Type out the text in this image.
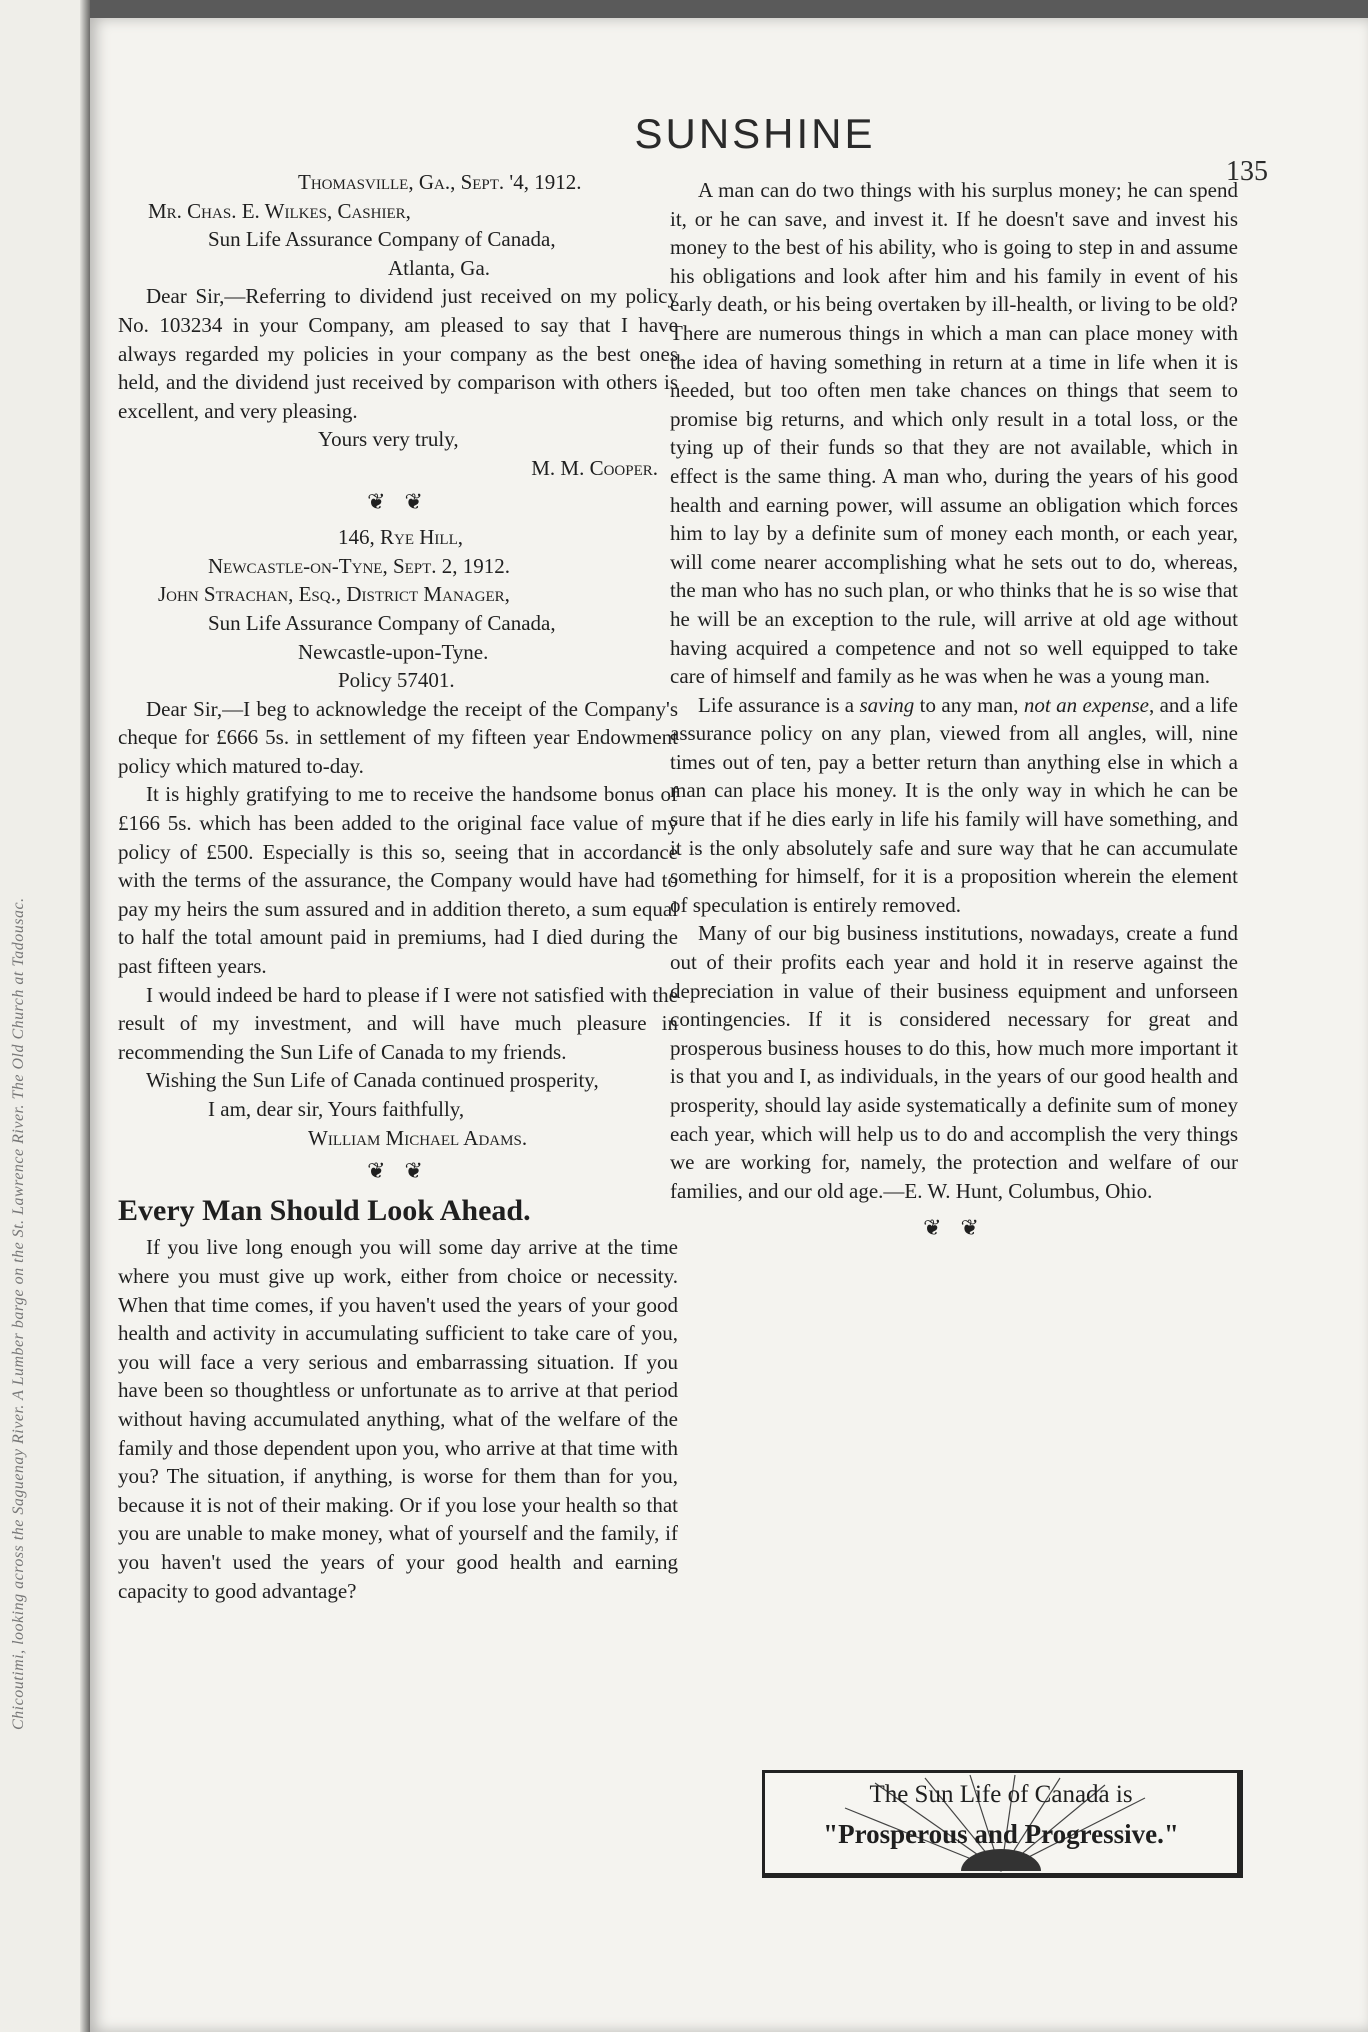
Chicoutimi, looking across the Saguenay River. A Lumber barge on the St. Lawrence River. The Old Church at Tadousac.
SUNSHINE
135
Thomasville, Ga., Sept. '4, 1912.
Mr. Chas. E. Wilkes, Cashier,
Sun Life Assurance Company of Canada,
Atlanta, Ga.

Dear Sir,—Referring to dividend just received on my policy No. 103234 in your Company, am pleased to say that I have always regarded my policies in your company as the best ones held, and the dividend just received by comparison with others is excellent, and very pleasing.

Yours very truly,
M. M. Cooper.
❦ ❦
146, Rye Hill,
Newcastle-on-Tyne, Sept. 2, 1912.
John Strachan, Esq., District Manager,
Sun Life Assurance Company of Canada,
Newcastle-upon-Tyne.
Policy 57401.

Dear Sir,—I beg to acknowledge the receipt of the Company's cheque for £666 5s. in settlement of my fifteen year Endowment policy which matured to-day.

It is highly gratifying to me to receive the handsome bonus of £166 5s. which has been added to the original face value of my policy of £500. Especially is this so, seeing that in accordance with the terms of the assurance, the Company would have had to pay my heirs the sum assured and in addition thereto, a sum equal to half the total amount paid in premiums, had I died during the past fifteen years.

I would indeed be hard to please if I were not satisfied with the result of my investment, and will have much pleasure in recommending the Sun Life of Canada to my friends.

Wishing the Sun Life of Canada continued prosperity,

I am, dear sir, Yours faithfully,
William Michael Adams.
❦ ❦
Every Man Should Look Ahead.

If you live long enough you will some day arrive at the time where you must give up work, either from choice or necessity. When that time comes, if you haven't used the years of your good health and activity in accumulating sufficient to take care of you, you will face a very serious and embarrassing situation. If you have been so thoughtless or unfortunate as to arrive at that period without having accumulated anything, what of the welfare of the family and those dependent upon you, who arrive at that time with you? The situation, if anything, is worse for them than for you, because it is not of their making. Or if you lose your health so that you are unable to make money, what of yourself and the family, if you haven't used the years of your good health and earning capacity to good advantage?

A man can do two things with his surplus money; he can spend it, or he can save, and invest it. If he doesn't save and invest his money to the best of his ability, who is going to step in and assume his obligations and look after him and his family in event of his early death, or his being overtaken by ill-health, or living to be old? There are numerous things in which a man can place money with the idea of having something in return at a time in life when it is needed, but too often men take chances on things that seem to promise big returns, and which only result in a total loss, or the tying up of their funds so that they are not available, which in effect is the same thing. A man who, during the years of his good health and earning power, will assume an obligation which forces him to lay by a definite sum of money each month, or each year, will come nearer accomplishing what he sets out to do, whereas, the man who has no such plan, or who thinks that he is so wise that he will be an exception to the rule, will arrive at old age without having acquired a competence and not so well equipped to take care of himself and family as he was when he was a young man.

Life assurance is a saving to any man, not an expense, and a life assurance policy on any plan, viewed from all angles, will, nine times out of ten, pay a better return than anything else in which a man can place his money. It is the only way in which he can be sure that if he dies early in life his family will have something, and it is the only absolutely safe and sure way that he can accumulate something for himself, for it is a proposition wherein the element of speculation is entirely removed.

Many of our big business institutions, nowadays, create a fund out of their profits each year and hold it in reserve against the depreciation in value of their business equipment and unforseen contingencies. If it is considered necessary for great and prosperous business houses to do this, how much more important it is that you and I, as individuals, in the years of our good health and prosperity, should lay aside systematically a definite sum of money each year, which will help us to do and accomplish the very things we are working for, namely, the protection and welfare of our families, and our old age.—E. W. Hunt, Columbus, Ohio.

❦ ❦
The Sun Life of Canada is
"Prosperous and Progressive."
